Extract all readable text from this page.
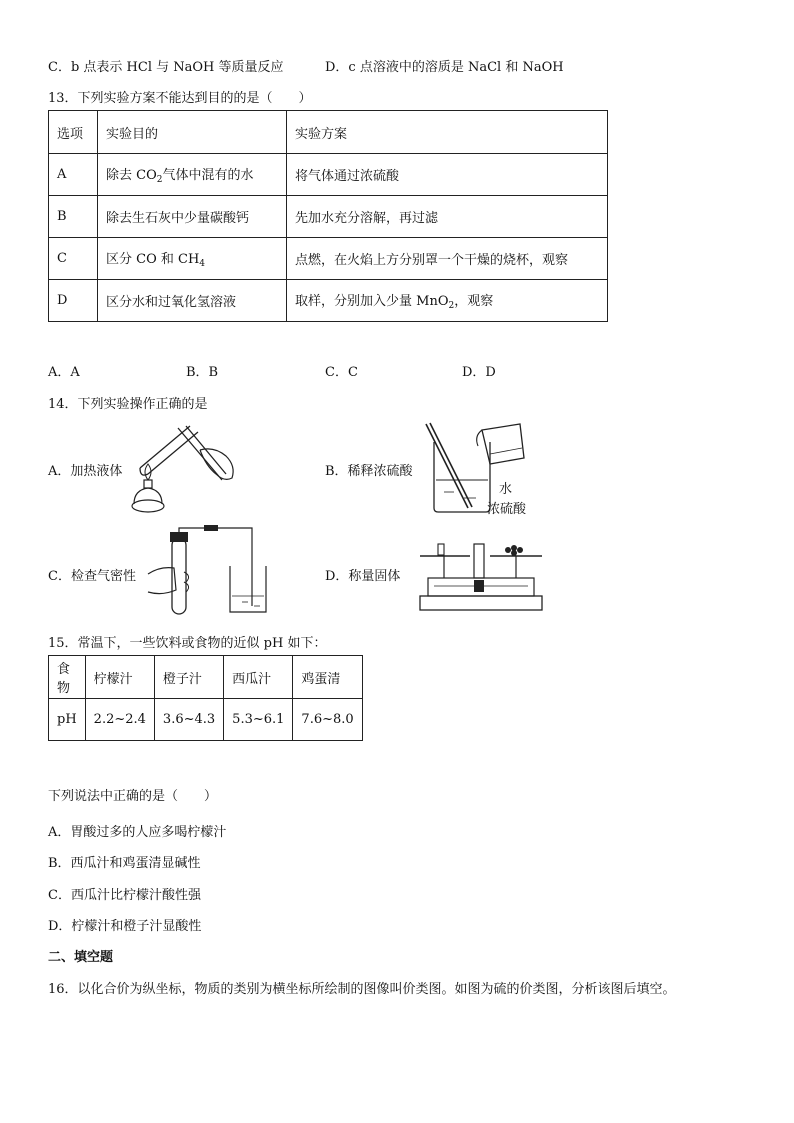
C．b 点表示 HCl 与 NaOH 等质量反应	D．c 点溶液中的溶质是 NaCl 和 NaOH
13．下列实验方案不能达到目的的是（　　）
选项	实验目的	实验方案
A	除去 $CO_2$气体中混有的水	将气体通过浓硫酸
B	除去生石灰中少量碳酸钙	先加水充分溶解，再过滤
C	区分 CO 和 $CH_4$	点燃，在火焰上方分别罩一个干燥的烧杯，观察
D	区分水和过氧化氢溶液	取样，分别加入少量 MnO$_2$，观察
A．A	B．B	C．C	D．D
14．下列实验操作正确的是
A．加热液体	B．稀释浓硫酸
水
浓硫酸
C．检查气密性	D．称量固体
15．常温下，一些饮料或食物的近似 pH 如下：
食物	柠檬汁	橙子汁	西瓜汁	鸡蛋清
pH	2.2~2.4	3.6~4.3	5.3~6.1	7.6~8.0
下列说法中正确的是（　　）
A．胃酸过多的人应多喝柠檬汁
B．西瓜汁和鸡蛋清显碱性
C．西瓜汁比柠檬汁酸性强
D．柠檬汁和橙子汁显酸性
二、填空题
16．以化合价为纵坐标，物质的类别为横坐标所绘制的图像叫价类图。如图为硫的价类图，分析该图后填空。
